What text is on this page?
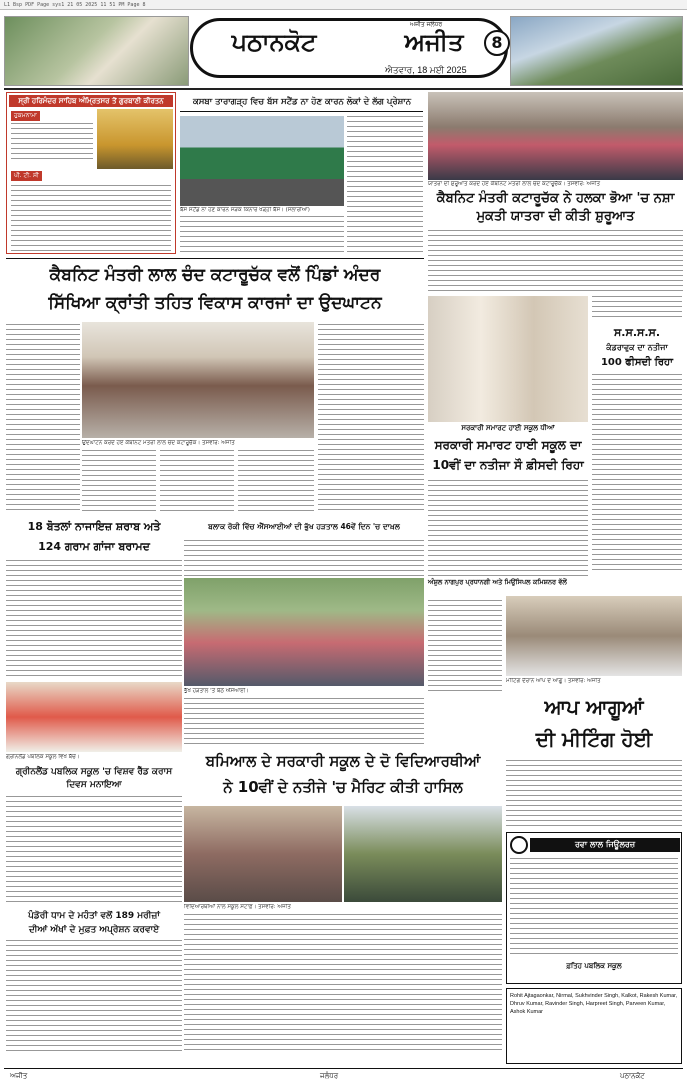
L1 Bsp PDF Page sys1 21 05 2025 11 51 PM Page 8
ਪਠਾਨਕੋਟ
ਅਜੀਤ ਜਲੰਧਰ
ਅਜੀਤ	8
ਐਤਵਾਰ, 18 ਮਈ 2025
ਸ੍ਰੀ ਹਰਿਮੰਦਰ ਸਾਹਿਬ ਅੰਮ੍ਰਿਤਸਰ ਤੋਂ ਗੁਰਬਾਣੀ ਕੀਰਤਨ
ਹੁਕਮਨਾਮਾ
ਪੀ. ਟੀ. ਸੀ
ਕਸਬਾ ਤਾਰਾਗੜ੍ਹ ਵਿਚ ਬੱਸ ਸਟੈਂਡ ਨਾ ਹੋਣ ਕਾਰਨ ਲੋਕਾਂ ਦੇ ਲੱਗ ਪ੍ਰੇਸ਼ਾਨ
ਬੱਸ ਸਟੈਂਡ ਨਾ ਹੋਣ ਕਾਰਨ ਸੜਕ ਕਿਨਾਰੇ ਖੜ੍ਹੀ ਬੱਸ। (ਸਲਾਰੀਆ)
ਯਾਤਰਾ ਦੀ ਸ਼ੁਰੂਆਤ ਕਰਦੇ ਹੋਏ ਕੈਬਨਿਟ ਮੰਤਰੀ ਲਾਲ ਚੰਦ ਕਟਾਰੂਚੱਕ। ਤਸਵੀਰ: ਅਜੀਤ
ਕੈਬਨਿਟ ਮੰਤਰੀ ਕਟਾਰੂਚੱਕ ਨੇ ਹਲਕਾ ਭੋਆ 'ਚ ਨਸ਼ਾ ਮੁਕਤੀ ਯਾਤਰਾ ਦੀ ਕੀਤੀ ਸ਼ੁਰੂਆਤ
ਕੈਬਨਿਟ ਮੰਤਰੀ ਲਾਲ ਚੰਦ ਕਟਾਰੂਚੱਕ ਵਲੋਂ ਪਿੰਡਾਂ ਅੰਦਰ
ਸਿੱਖਿਆ ਕ੍ਰਾਂਤੀ ਤਹਿਤ ਵਿਕਾਸ ਕਾਰਜਾਂ ਦਾ ਉਦਘਾਟਨ
ਉਦਘਾਟਨ ਕਰਦੇ ਹੋਏ ਕੈਬਨਿਟ ਮੰਤਰੀ ਲਾਲ ਚੰਦ ਕਟਾਰੂਚੱਕ। ਤਸਵੀਰ: ਅਜੀਤ
ਸਰਕਾਰੀ ਸਮਾਰਟ ਹਾਈ ਸਕੂਲ ਧੀਆਂ
ਸਰਕਾਰੀ ਸਮਾਰਟ ਹਾਈ ਸਕੂਲ ਦਾ
10ਵੀਂ ਦਾ ਨਤੀਜਾ ਸੌ ਫ਼ੀਸਦੀ ਰਿਹਾ
ਸ.ਸ.ਸ.ਸ.
ਕੰਡਰਾਵੁਕ ਦਾ ਨਤੀਜਾ
100 ਫੀਸਦੀ ਰਿਹਾ
18 ਬੋਤਲਾਂ ਨਾਜਾਇਜ਼ ਸ਼ਰਾਬ ਅਤੇ
124 ਗਰਾਮ ਗਾਂਜਾ ਬਰਾਮਦ
ਬਲਾਕ ਰੋਕੀ ਵਿੱਚ ਐੱਸਆਈਆਂ ਦੀ ਭੁੱਖ ਹੜਤਾਲ 46ਵੇਂ ਦਿਨ 'ਚ ਦਾਖ਼ਲ
ਭੁੱਖ ਹੜਤਾਲ 'ਤੇ ਬੈਠੇ ਐੱਸਆਈ।
ਅੰਸ਼ੁਲ ਨਾਗਪੁਰ ਪ੍ਰਧਾਨਗੀ ਅਤੇ ਮਿਉਂਸਿਪਲ ਕਮਿਸ਼ਨਰ ਵੱਲੋਂ
ਮੀਟਿੰਗ ਦੌਰਾਨ ਆਪ ਦੇ ਆਗੂ। ਤਸਵੀਰ: ਅਜੀਤ
ਆਪ ਆਗੂਆਂ
ਦੀ ਮੀਟਿੰਗ ਹੋਈ
ਗ੍ਰੀਨਲੈਂਡ ਪਬਲਿਕ ਸਕੂਲ ਵਿਖੇ ਬੱਚੇ।
ਗ੍ਰੀਨਲੈਂਡ ਪਬਲਿਕ ਸਕੂਲ 'ਚ ਵਿਸ਼ਵ ਰੈੱਡ ਕਰਾਸ ਦਿਵਸ ਮਨਾਇਆ
ਬਮਿਆਲ ਦੇ ਸਰਕਾਰੀ ਸਕੂਲ ਦੇ ਦੋ ਵਿਦਿਆਰਥੀਆਂ
ਨੇ 10ਵੀਂ ਦੇ ਨਤੀਜੇ 'ਚ ਮੈਰਿਟ ਕੀਤੀ ਹਾਸਿਲ
ਵਿਦਿਆਰਥੀਆਂ ਨਾਲ ਸਕੂਲ ਸਟਾਫ਼। ਤਸਵੀਰ: ਅਜੀਤ
ਰਵਾ ਲਾਲ ਜਿਊਲਰਜ਼
ਫ਼ਤਿਹ ਪਬਲਿਕ ਸਕੂਲ
Rohit Ajtagaonkar, Nirmal, Sukhvinder Singh, Kalkot, Rakesh Kumar, Dhruv Kumar, Ravinder Singh, Harpreet Singh, Parveen Kumar, Ashok Kumar
ਪੰਡੋਰੀ ਧਾਮ ਦੇ ਮਹੰਤਾਂ ਵਲੋਂ 189 ਮਰੀਜ਼ਾਂ
ਦੀਆਂ ਅੱਖਾਂ ਦੇ ਮੁਫ਼ਤ ਅਪ੍ਰੇਸ਼ਨ ਕਰਵਾਏ
ਅਜੀਤ	ਜਲੰਧਰ	ਪਠਾਨਕੋਟ
